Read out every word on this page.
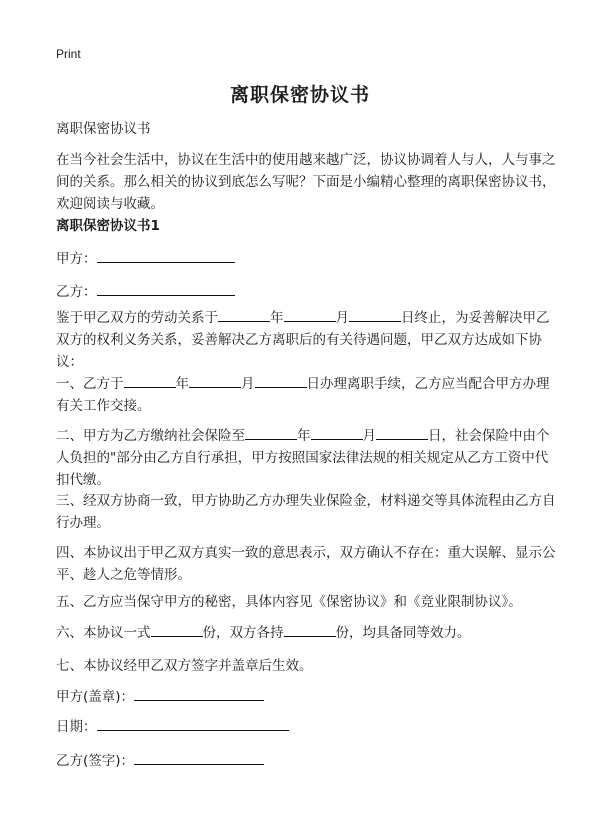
Print
离职保密协议书
离职保密协议书
在当今社会生活中，协议在生活中的使用越来越广泛，协议协调着人与人，人与事之间的关系。那么相关的协议到底怎么写呢？下面是小编精心整理的离职保密协议书，欢迎阅读与收藏。
离职保密协议书1
甲方：
乙方：
鉴于甲乙双方的劳动关系于	年	月	日终止，为妥善解决甲乙双方的权利义务关系，妥善解决乙方离职后的有关待遇问题，甲乙双方达成如下协议：
一、乙方于	年	月	日办理离职手续，乙方应当配合甲方办理有关工作交接。
二、甲方为乙方缴纳社会保险至	年	月	日，社会保险中由个人负担的"部分由乙方自行承担，甲方按照国家法律法规的相关规定从乙方工资中代扣代缴。
三、经双方协商一致，甲方协助乙方办理失业保险金，材料递交等具体流程由乙方自行办理。
四、本协议出于甲乙双方真实一致的意思表示，双方确认不存在：重大误解、显示公平、趁人之危等情形。
五、乙方应当保守甲方的秘密，具体内容见《保密协议》和《竞业限制协议》。
六、本协议一式	份，双方各持	份，均具备同等效力。
七、本协议经甲乙双方签字并盖章后生效。
甲方(盖章)：
日期：
乙方(签字)：
